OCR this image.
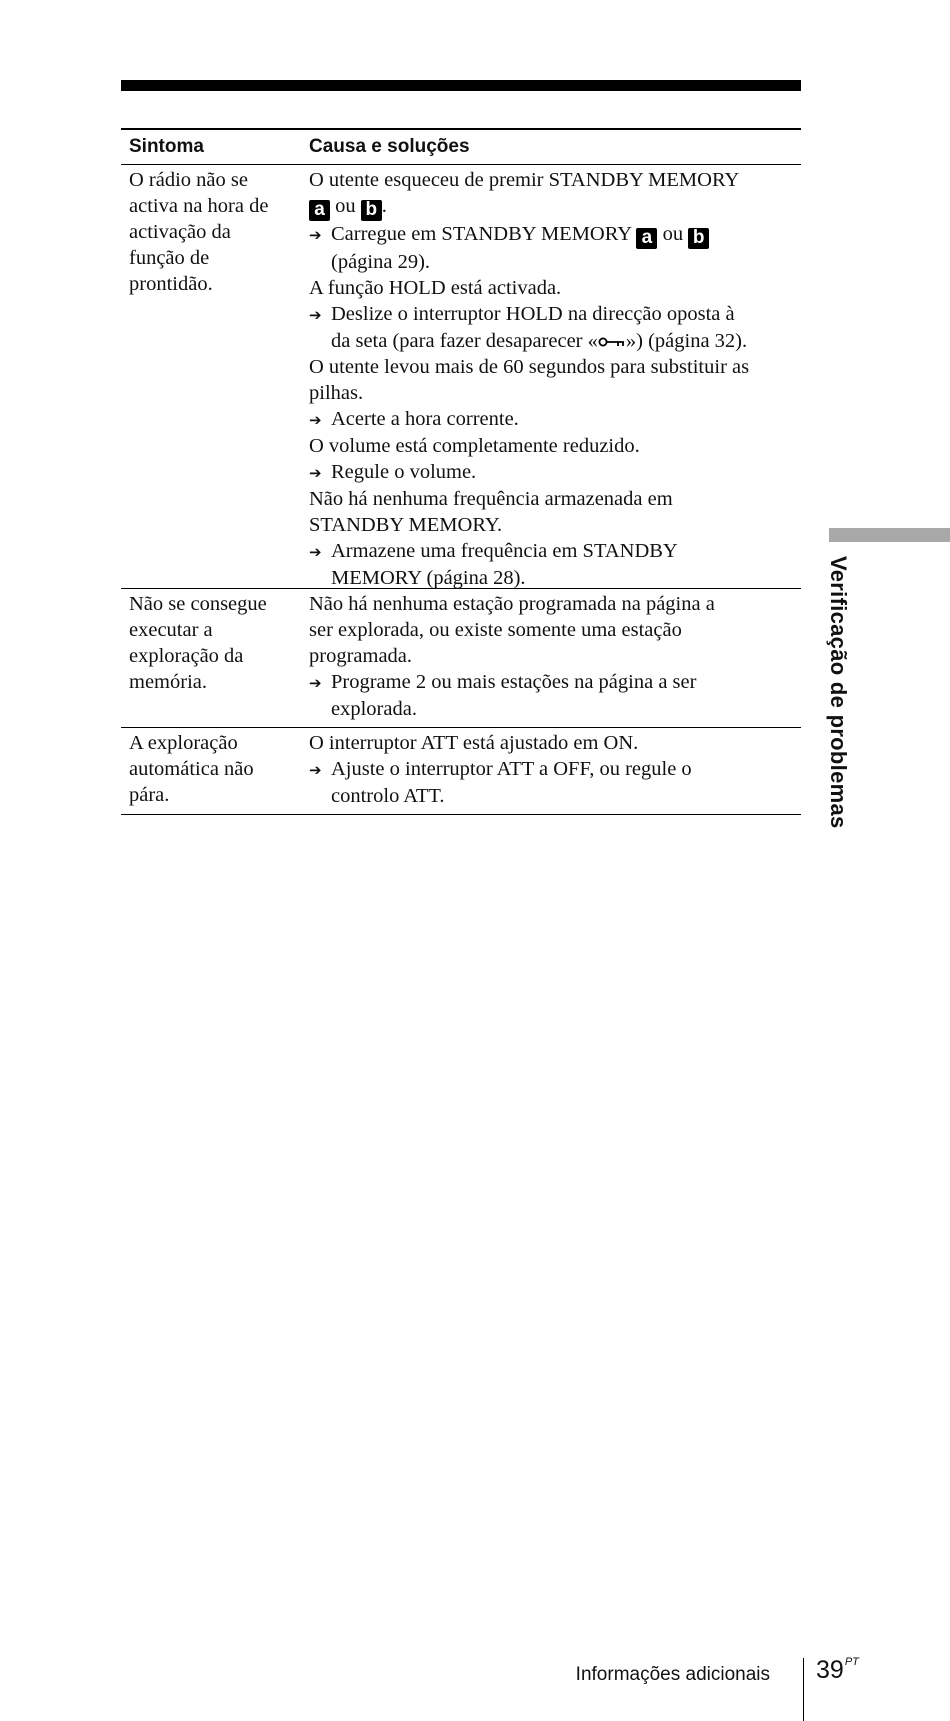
Sintoma	Causa e soluções
O rádio não se
activa na hora de
activação da
função de
prontidão.
O utente esqueceu de premir STANDBY MEMORY
a ou b .
➔ Carregue em STANDBY MEMORY a ou b
(página 29).
A função HOLD está activada.
➔ Deslize o interruptor HOLD na direcção oposta à
da seta (para fazer desaparecer « ») (página 32).
O utente levou mais de 60 segundos para substituir as
pilhas.
➔ Acerte a hora corrente.
O volume está completamente reduzido.
➔ Regule o volume.
Não há nenhuma frequência armazenada em
STANDBY MEMORY.
➔ Armazene uma frequência em STANDBY
MEMORY (página 28).
Não se consegue
executar a
exploração da
memória.
Não há nenhuma estação programada na página a
ser explorada, ou existe somente uma estação
programada.
➔ Programe 2 ou mais estações na página a ser
explorada.
A exploração
automática não
pára.
O interruptor ATT está ajustado em ON.
➔ Ajuste o interruptor ATT a OFF, ou regule o
controlo ATT.	Verificação de problemas
Informações adicionais $39^{PT}$
